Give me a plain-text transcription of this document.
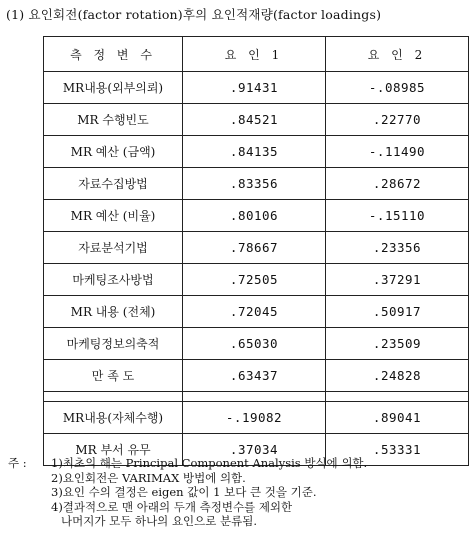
(1) 요인회전(factor rotation)후의 요인적재량(factor loadings)
측 정 변 수	요 인 1	요 인 2
MR내용(외부의뢰)	.91431	-.08985
MR 수행빈도	.84521	.22770
MR 예산 (금액)	.84135	-.11490
자료수집방법	.83356	.28672
MR 예산 (비율)	.80106	-.15110
자료분석기법	.78667	.23356
마케팅조사방법	.72505	.37291
MR 내용 (전체)	.72045	.50917
마케팅정보의축적	.65030	.23509
만 족 도	.63437	.24828

MR내용(자체수행)	-.19082	.89041
MR 부서 유무	.37034	.53331
주 :	1)최초의 해는 Principal Component Analysis 방식에 의함.
2)요인회전은 VARIMAX 방법에 의함.
3)요인 수의 결정은 eigen 값이 1 보다 큰 것을 기준.
4)결과적으로 맨 아래의 두개 측정변수를 제외한
나머지가 모두 하나의 요인으로 분류됨.
